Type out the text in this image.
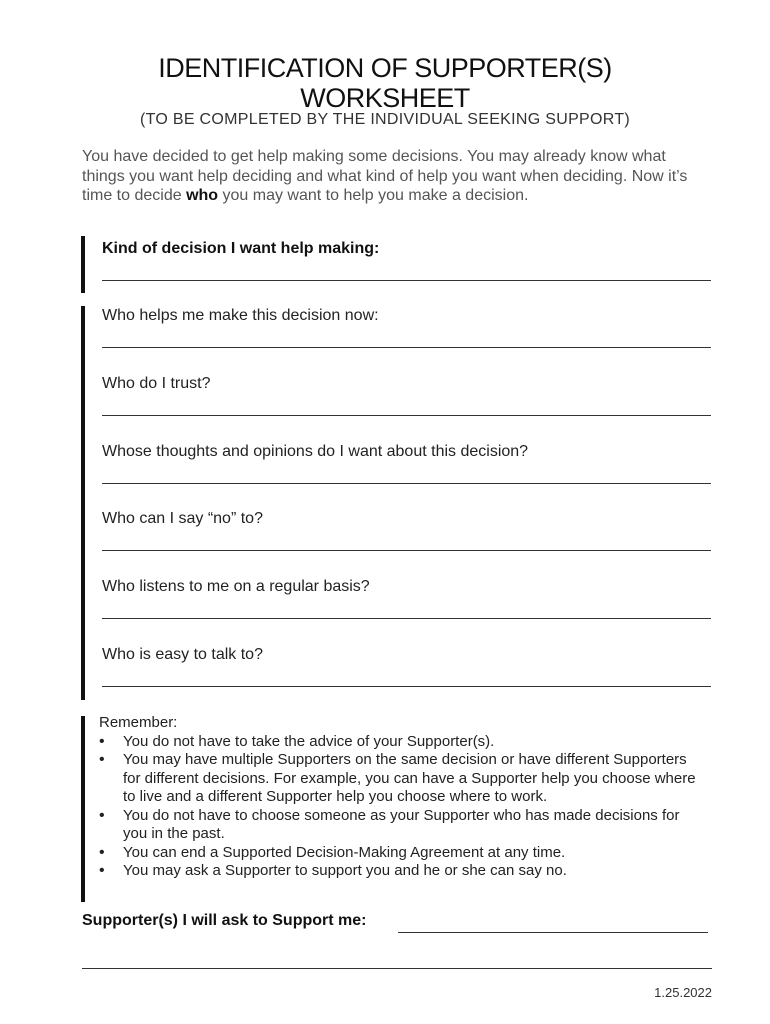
IDENTIFICATION OF SUPPORTER(S)
WORKSHEET
(TO BE COMPLETED BY THE INDIVIDUAL SEEKING SUPPORT)
You have decided to get help making some decisions. You may already know what things you want help deciding and what kind of help you want when deciding. Now it’s time to decide who you may want to help you make a decision.
Kind of decision I want help making:
Who helps me make this decision now:
Who do I trust?
Whose thoughts and opinions do I want about this decision?
Who can I say “no” to?
Who listens to me on a regular basis?
Who is easy to talk to?
Remember:
• You do not have to take the advice of your Supporter(s).
• You may have multiple Supporters on the same decision or have different Supporters for different decisions. For example, you can have a Supporter help you choose where to live and a different Supporter help you choose where to work.
• You do not have to choose someone as your Supporter who has made decisions for you in the past.
• You can end a Supported Decision-Making Agreement at any time.
• You may ask a Supporter to support you and he or she can say no.
Supporter(s) I will ask to Support me:
1.25.2022
